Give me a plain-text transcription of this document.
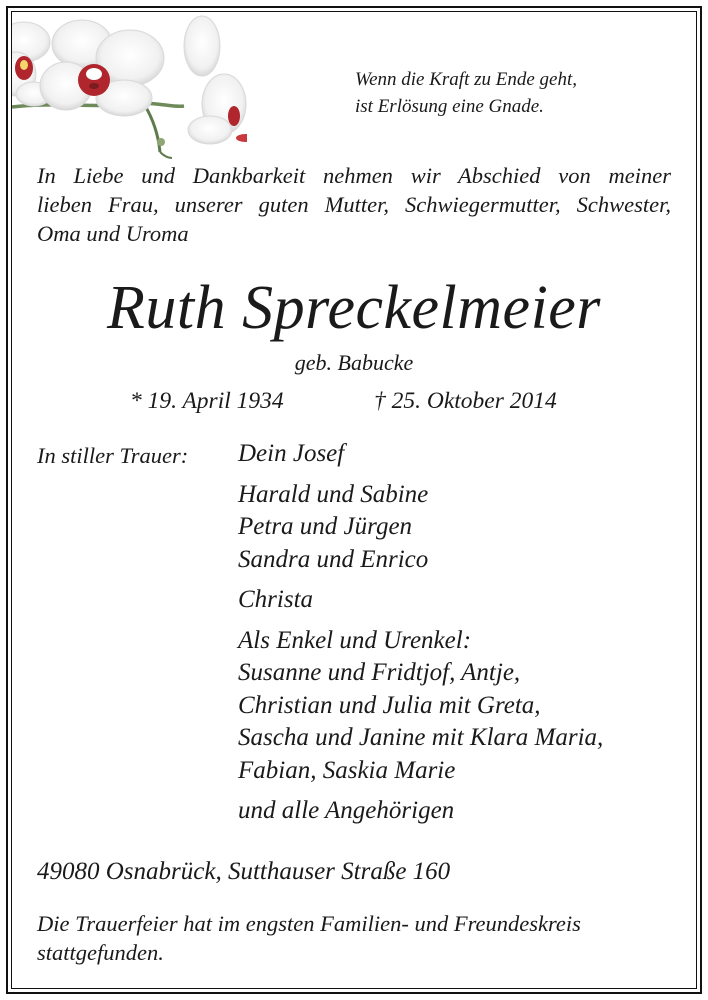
Wenn die Kraft zu Ende geht,
ist Erlösung eine Gnade.
In Liebe und Dankbarkeit nehmen wir Abschied von meiner
lieben Frau, unserer guten Mutter, Schwiegermutter, Schwester,
Oma und Uroma
Ruth Spreckelmeier
geb. Babucke
* 19. April 1934	† 25. Oktober 2014
In stiller Trauer: Dein Josef
Harald und Sabine
Petra und Jürgen
Sandra und Enrico
Christa
Als Enkel und Urenkel:
Susanne und Fridtjof, Antje,
Christian und Julia mit Greta,
Sascha und Janine mit Klara Maria,
Fabian, Saskia Marie
und alle Angehörigen
49080 Osnabrück, Sutthauser Straße 160
Die Trauerfeier hat im engsten Familien- und Freundeskreis
stattgefunden.
